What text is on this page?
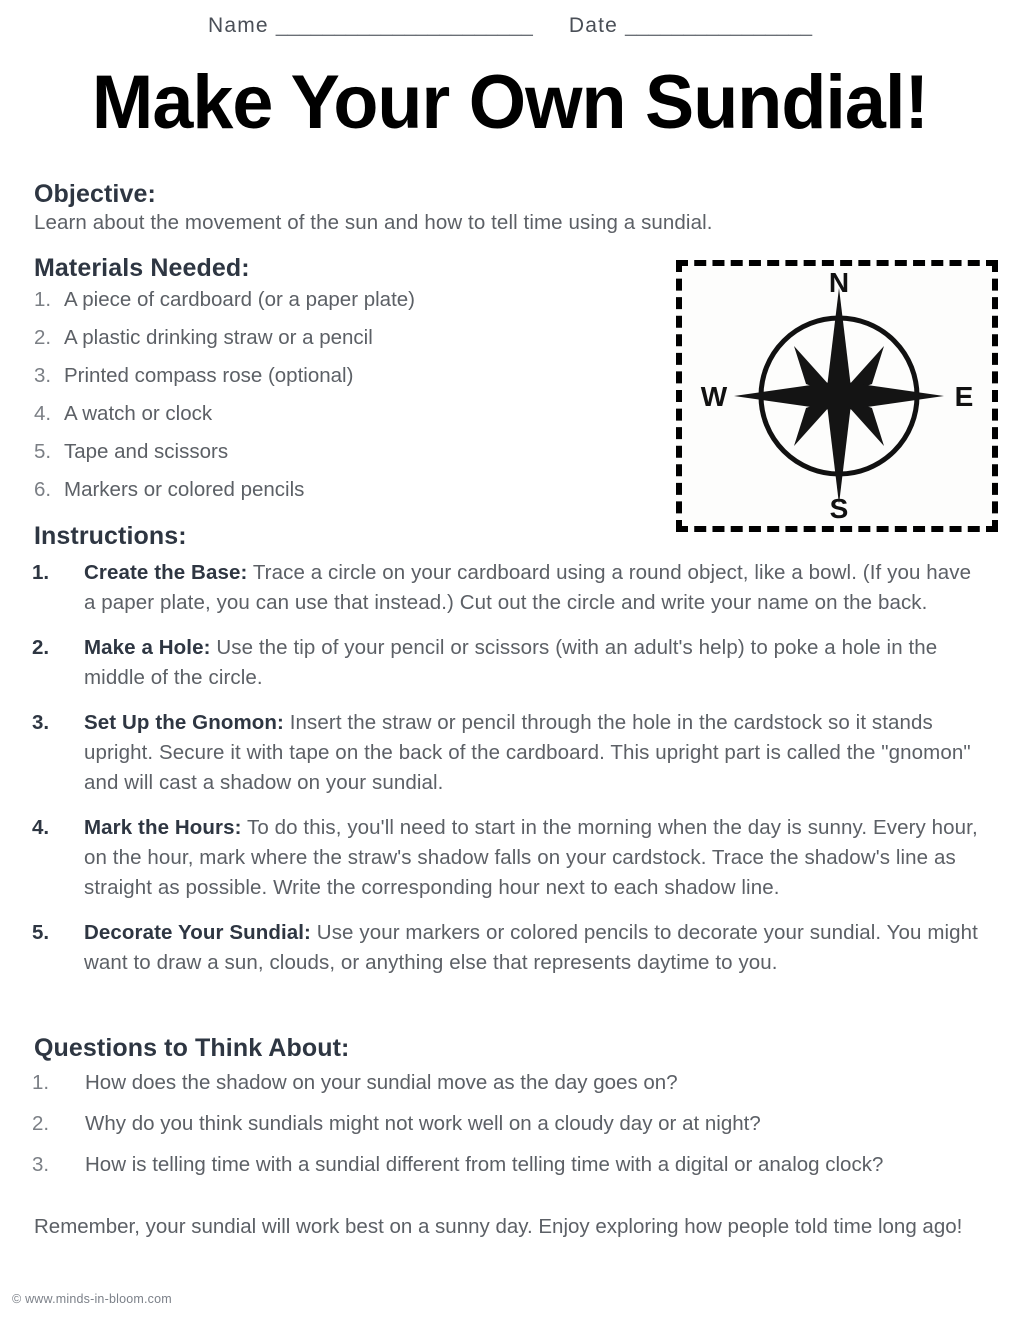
Name ______________________ Date ________________
Make Your Own Sundial!
Objective:
Learn about the movement of the sun and how to tell time using a sundial.
Materials Needed:
1. A piece of cardboard (or a paper plate)
2. A plastic drinking straw or a pencil
3. Printed compass rose (optional)
4. A watch or clock
5. Tape and scissors
6. Markers or colored pencils
N
E
S
W
Instructions:
1.	Create the Base: Trace a circle on your cardboard using a round object, like a bowl. (If you have a paper plate, you can use that instead.) Cut out the circle and write your name on the back.
2.	Make a Hole: Use the tip of your pencil or scissors (with an adult's help) to poke a hole in the middle of the circle.
3.	Set Up the Gnomon: Insert the straw or pencil through the hole in the cardstock so it stands upright. Secure it with tape on the back of the cardboard. This upright part is called the "gnomon" and will cast a shadow on your sundial.
4.	Mark the Hours: To do this, you'll need to start in the morning when the day is sunny. Every hour, on the hour, mark where the straw's shadow falls on your cardstock. Trace the shadow's line as straight as possible. Write the corresponding hour next to each shadow line.
5.	Decorate Your Sundial: Use your markers or colored pencils to decorate your sundial. You might want to draw a sun, clouds, or anything else that represents daytime to you.
Questions to Think About:
1.	How does the shadow on your sundial move as the day goes on?
2.	Why do you think sundials might not work well on a cloudy day or at night?
3.	How is telling time with a sundial different from telling time with a digital or analog clock?
Remember, your sundial will work best on a sunny day. Enjoy exploring how people told time long ago!
© www.minds-in-bloom.com
